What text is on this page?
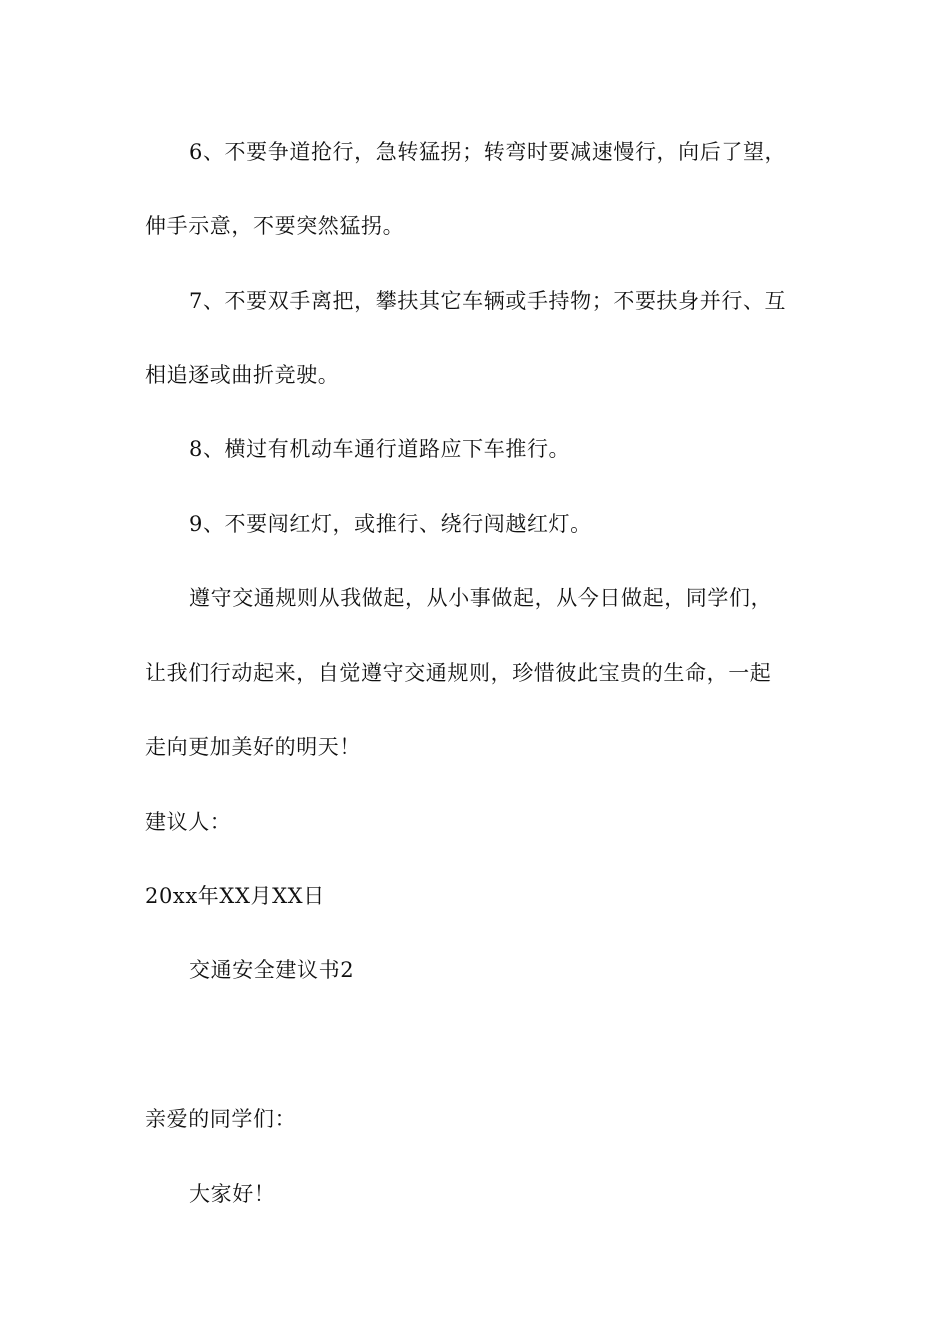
6、不要争道抢行，急转猛拐；转弯时要减速慢行，向后了望，
伸手示意，不要突然猛拐。
7、不要双手离把，攀扶其它车辆或手持物；不要扶身并行、互
相追逐或曲折竞驶。
8、横过有机动车通行道路应下车推行。
9、不要闯红灯，或推行、绕行闯越红灯。
遵守交通规则从我做起，从小事做起，从今日做起，同学们，
让我们行动起来，自觉遵守交通规则，珍惜彼此宝贵的生命，一起
走向更加美好的明天！
建议人：
20xx年XX月XX日
交通安全建议书2
亲爱的同学们：
大家好！
